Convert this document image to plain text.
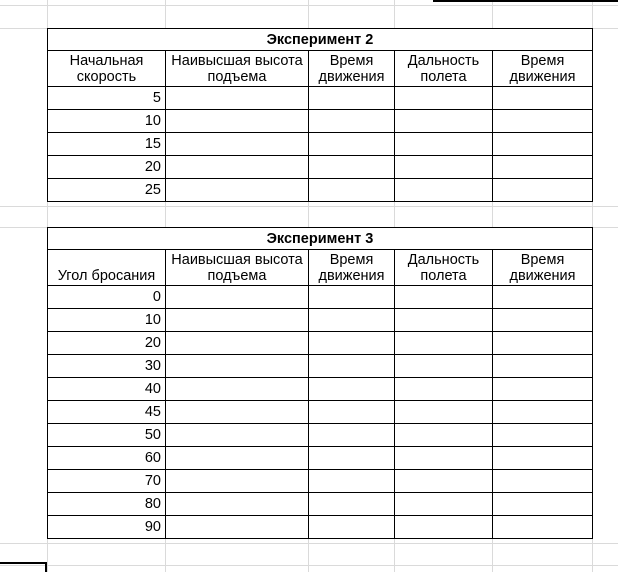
Эксперимент 2				
Начальная скорость	Наивысшая высота подъема	Время движения	Дальность полета	Время движения
5				
10				
15				
20				
25				
Эксперимент 3				
Угол бросания	Наивысшая высота подъема	Время движения	Дальность полета	Время движения
0				
10				
20				
30				
40				
45				
50				
60				
70				
80				
90				
